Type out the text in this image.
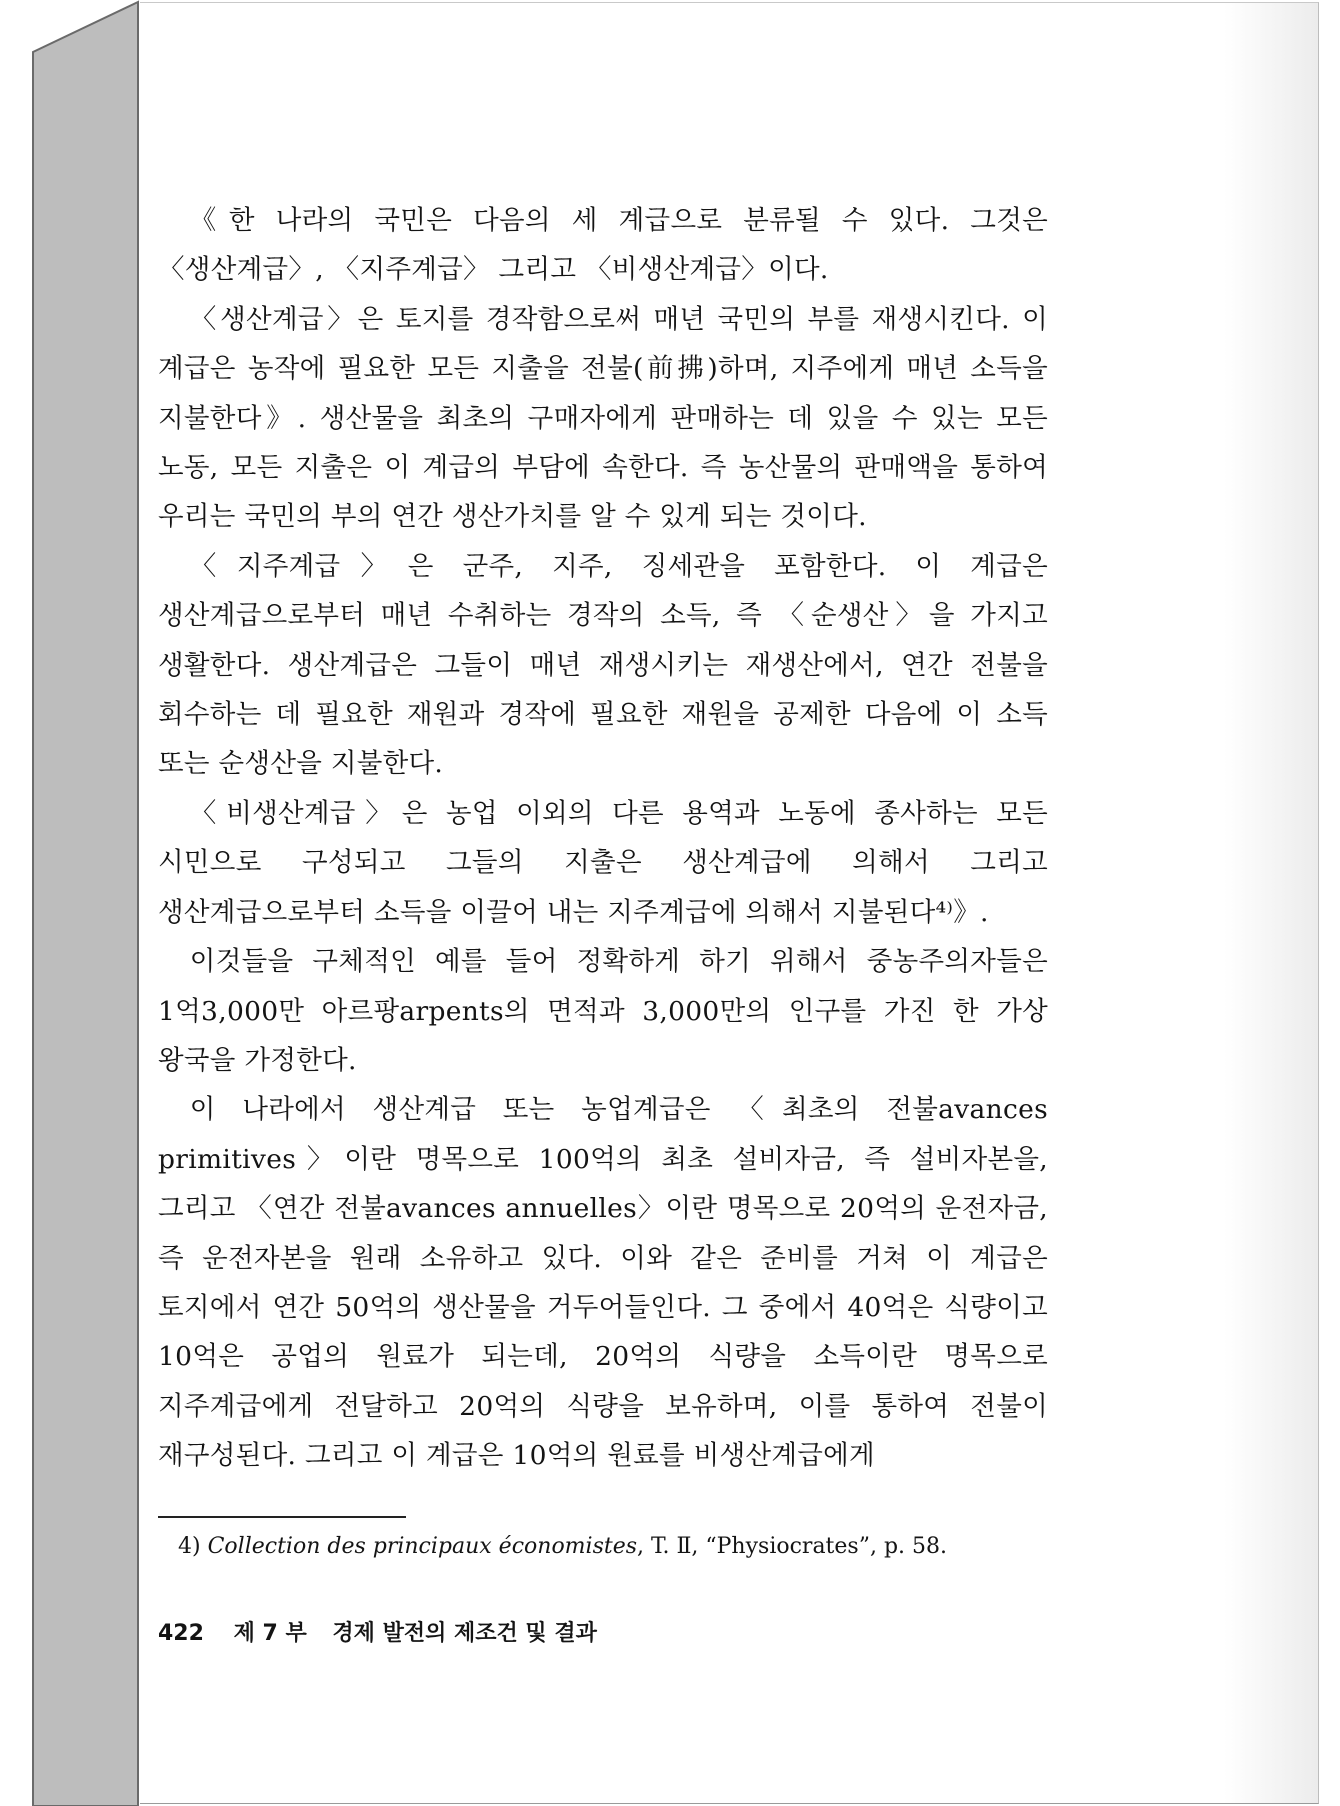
《한 나라의 국민은 다음의 세 계급으로 분류될 수 있다. 그것은 〈생산계급〉, 〈지주계급〉 그리고 〈비생산계급〉이다.

〈생산계급〉은 토지를 경작함으로써 매년 국민의 부를 재생시킨다. 이 계급은 농작에 필요한 모든 지출을 전불(前拂)하며, 지주에게 매년 소득을 지불한다》. 생산물을 최초의 구매자에게 판매하는 데 있을 수 있는 모든 노동, 모든 지출은 이 계급의 부담에 속한다. 즉 농산물의 판매액을 통하여 우리는 국민의 부의 연간 생산가치를 알 수 있게 되는 것이다.

〈지주계급〉은 군주, 지주, 징세관을 포함한다. 이 계급은 생산계급으로부터 매년 수취하는 경작의 소득, 즉 〈순생산〉을 가지고 생활한다. 생산계급은 그들이 매년 재생시키는 재생산에서, 연간 전불을 회수하는 데 필요한 재원과 경작에 필요한 재원을 공제한 다음에 이 소득 또는 순생산을 지불한다.

〈비생산계급〉은 농업 이외의 다른 용역과 노동에 종사하는 모든 시민으로 구성되고 그들의 지출은 생산계급에 의해서 그리고 생산계급으로부터 소득을 이끌어 내는 지주계급에 의해서 지불된다⁴⁾》.

이것들을 구체적인 예를 들어 정확하게 하기 위해서 중농주의자들은 1억3,000만 아르팡arpents의 면적과 3,000만의 인구를 가진 한 가상 왕국을 가정한다.

이 나라에서 생산계급 또는 농업계급은 〈최초의 전불avances primitives〉이란 명목으로 100억의 최초 설비자금, 즉 설비자본을, 그리고 〈연간 전불avances annuelles〉이란 명목으로 20억의 운전자금, 즉 운전자본을 원래 소유하고 있다. 이와 같은 준비를 거쳐 이 계급은 토지에서 연간 50억의 생산물을 거두어들인다. 그 중에서 40억은 식량이고 10억은 공업의 원료가 되는데, 20억의 식량을 소득이란 명목으로 지주계급에게 전달하고 20억의 식량을 보유하며, 이를 통하여 전불이 재구성된다. 그리고 이 계급은 10억의 원료를 비생산계급에게

4) Collection des principaux économistes, T. Ⅱ, “Physiocrates”, p. 58.

422 제 7 부 경제 발전의 제조건 및 결과
